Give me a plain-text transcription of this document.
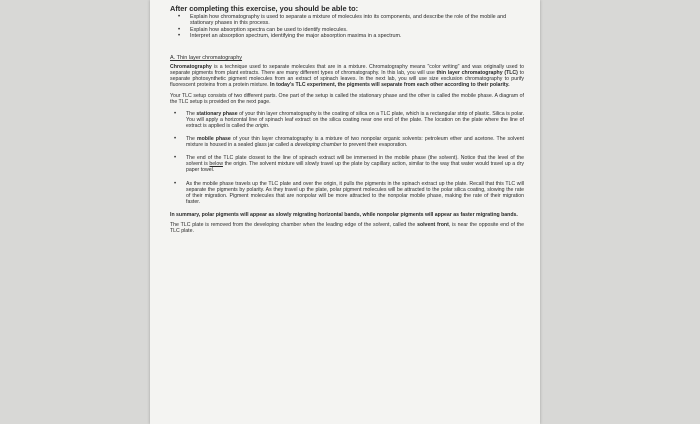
After completing this exercise, you should be able to:
• Explain how chromatography is used to separate a mixture of molecules into its components, and describe the role of the mobile and stationary phases in this process.
• Explain how absorption spectra can be used to identify molecules.
• Interpret an absorption spectrum, identifying the major absorption maxima in a spectrum.
A. Thin layer chromatography

Chromatography is a technique used to separate molecules that are in a mixture. Chromatography means "color writing" and was originally used to separate pigments from plant extracts. There are many different types of chromatography. In this lab, you will use thin layer chromatography (TLC) to separate photosynthetic pigment molecules from an extract of spinach leaves. In the next lab, you will use size exclusion chromatography to purify fluorescent proteins from a protein mixture. In today's TLC experiment, the pigments will separate from each other according to their polarity.

Your TLC setup consists of two different parts. One part of the setup is called the stationary phase and the other is called the mobile phase. A diagram of the TLC setup is provided on the next page.

• The stationary phase of your thin layer chromatography is the coating of silica on a TLC plate, which is a rectangular strip of plastic. Silica is polar. You will apply a horizontal line of spinach leaf extract on the silica coating near one end of the plate. The location on the plate where the line of extract is applied is called the origin.
• The mobile phase of your thin layer chromatography is a mixture of two nonpolar organic solvents: petroleum ether and acetone. The solvent mixture is housed in a sealed glass jar called a developing chamber to prevent their evaporation.
• The end of the TLC plate closest to the line of spinach extract will be immersed in the mobile phase (the solvent). Notice that the level of the solvent is below the origin. The solvent mixture will slowly travel up the plate by capillary action, similar to the way that water would travel up a dry paper towel.
• As the mobile phase travels up the TLC plate and over the origin, it pulls the pigments in the spinach extract up the plate. Recall that this TLC will separate the pigments by polarity. As they travel up the plate, polar pigment molecules will be attracted to the polar silica coating, slowing the rate of their migration. Pigment molecules that are nonpolar will be more attracted to the nonpolar mobile phase, making the rate of their migration faster.

In summary, polar pigments will appear as slowly migrating horizontal bands, while nonpolar pigments will appear as faster migrating bands.

The TLC plate is removed from the developing chamber when the leading edge of the solvent, called the solvent front, is near the opposite end of the TLC plate.
